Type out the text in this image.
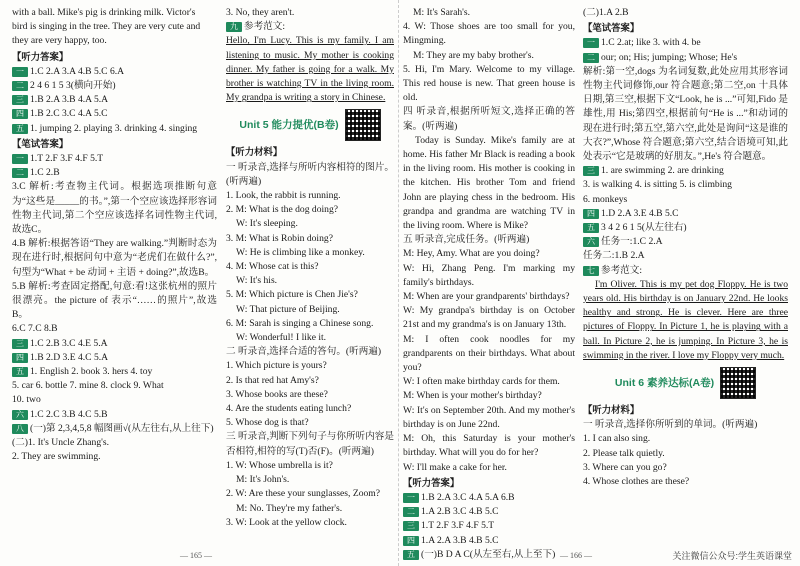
with a ball. Mike's pig is drinking milk. Victor's
bird is singing in the tree. They are very cute and
they are very happy, too.
【听力答案】
一 1.C 2.A 3.A 4.B 5.C 6.A
二 2 4 6 1 5 3(横向开始)
三 1.B 2.A 3.B 4.A 5.A
四 1.B 2.C 3.C 4.A 5.C
五 1. jumping 2. playing 3. drinking 4. singing
【笔试答案】
一 1.T 2.F 3.F 4.F 5.T
二 1.C 2.B
3.C 解析:考查物主代词。根据选项推断句意为“这些是_____的书。”,第一个空应该选择形容词性物主代词,第二个空应该选择名词性物主代词,故选C。
4.B 解析:根据答语“They are walking.”判断时态为现在进行时,根据问句中意为“老虎们在做什么?”,句型为“What + be 动词 + 主语 + doing?”,故选B。
5.B 解析:考查固定搭配,句意:看!这张杭州的照片很漂亮。the picture of 表示“……的照片”,故选B。
6.C 7.C 8.B
三 1.C 2.B 3.C 4.E 5.A
四 1.B 2.D 3.E 4.C 5.A
五 1. English 2. book 3. hers 4. toy
5. car 6. bottle 7. mine 8. clock 9. What
10. two
六 1.C 2.C 3.B 4.C 5.B
八 (一)第 2,3,4,5,8 幅图画√(从左往右,从上往下)
(二)1. It's Uncle Zhang's.
2. They are swimming.
3. No, they aren't.
九 参考范文:
Hello, I'm Lucy. This is my family. I am listening to music. My mother is cooking dinner. My father is going for a walk. My brother is watching TV in the living room. My grandpa is writing a story in Chinese.
Unit 5 能力提优(B卷)
【听力材料】
一 听录音,选择与所听内容相符的图片。(听两遍)
1. Look, the rabbit is running.
2. M: What is the dog doing?
W: It's sleeping.
3. M: What is Robin doing?
W: He is climbing like a monkey.
4. M: Whose cat is this?
W: It's his.
5. M: Which picture is Chen Jie's?
W: That picture of Beijing.
6. M: Sarah is singing a Chinese song.
W: Wonderful! I like it.
二 听录音,选择合适的答句。(听两遍)
1. Which picture is yours?
2. Is that red hat Amy's?
3. Whose books are these?
4. Are the students eating lunch?
5. Whose dog is that?
三 听录音,判断下列句子与你所听内容是否相符,相符的写(T)否(F)。(听两遍)
1. W: Whose umbrella is it?
M: It's John's.
2. W: Are these your sunglasses, Zoom?
M: No. They're my father's.
3. W: Look at the yellow clock.
M: It's Sarah's.
4. W: Those shoes are too small for you, Mingming.
M: They are my baby brother's.
5. Hi, I'm Mary. Welcome to my village. This red house is new. That green house is old.
四 听录音,根据所听短文,选择正确的答案。(听两遍)
Today is Sunday. Mike's family are at home. His father Mr Black is reading a book in the living room. His mother is cooking in the kitchen. His brother Tom and friend John are playing chess in the bedroom. His grandpa and grandma are watching TV in the living room. Where is Mike?
五 听录音,完成任务。(听两遍)
M: Hey, Amy. What are you doing?
W: Hi, Zhang Peng. I'm marking my family's birthdays.
M: When are your grandparents' birthdays?
W: My grandpa's birthday is on October 21st and my grandma's is on January 13th.
M: I often cook noodles for my grandparents on their birthdays. What about you?
W: I often make birthday cards for them.
M: When is your mother's birthday?
W: It's on September 20th. And my mother's birthday is on June 22nd.
M: Oh, this Saturday is your mother's birthday. What will you do for her?
W: I'll make a cake for her.
【听力答案】
一 1.B 2.A 3.C 4.A 5.A 6.B
二 1.A 2.B 3.C 4.B 5.C
三 1.T 2.F 3.F 4.F 5.T
四 1.A 2.A 3.B 4.B 5.C
五 (一)B D A C(从左至右,从上至下)
(二)1.A 2.B
【笔试答案】
一 1.C 2.at; like 3. with 4. be
二 our; on; His; jumping; Whose; He's
解析:第一空,dogs 为名词复数,此处应用其形容词性物主代词修饰,our 符合题意;第二空,on 十具体日期,第三空,根据下文“Look, he is ...”可知,Fido 是雄性,用 His;第四空,根据前句“He is ...”和动词的现在进行时;第五空,第六空,此处是询问“这是谁的大衣?”,Whose 符合题意;第六空,结合语境可知,此处表示“它是玻璃的好朋友。”,He's 符合题意。
三 1. are swimming 2. are drinking
3. is walking 4. is sitting 5. is climbing
6. monkeys
四 1.D 2.A 3.E 4.B 5.C
五 3 4 2 6 1 5(从左往右)
六 任务一:1.C 2.A
任务二:1.B 2.A
七 参考范文:
I'm Oliver. This is my pet dog Floppy. He is two years old. His birthday is on January 22nd. He looks healthy and strong. He is clever. Here are three pictures of Floppy. In Picture 1, he is playing with a ball. In Picture 2, he is jumping. In Picture 3, he is swimming in the river. I love my Floppy very much.
Unit 6 素养达标(A卷)
【听力材料】
一 听录音,选择你所听到的单词。(听两遍)
1. I can also sing.
2. Please talk quietly.
3. Where can you go?
4. Whose clothes are these?
— 165 —	— 166 —	关注微信公众号:学生英语课堂
